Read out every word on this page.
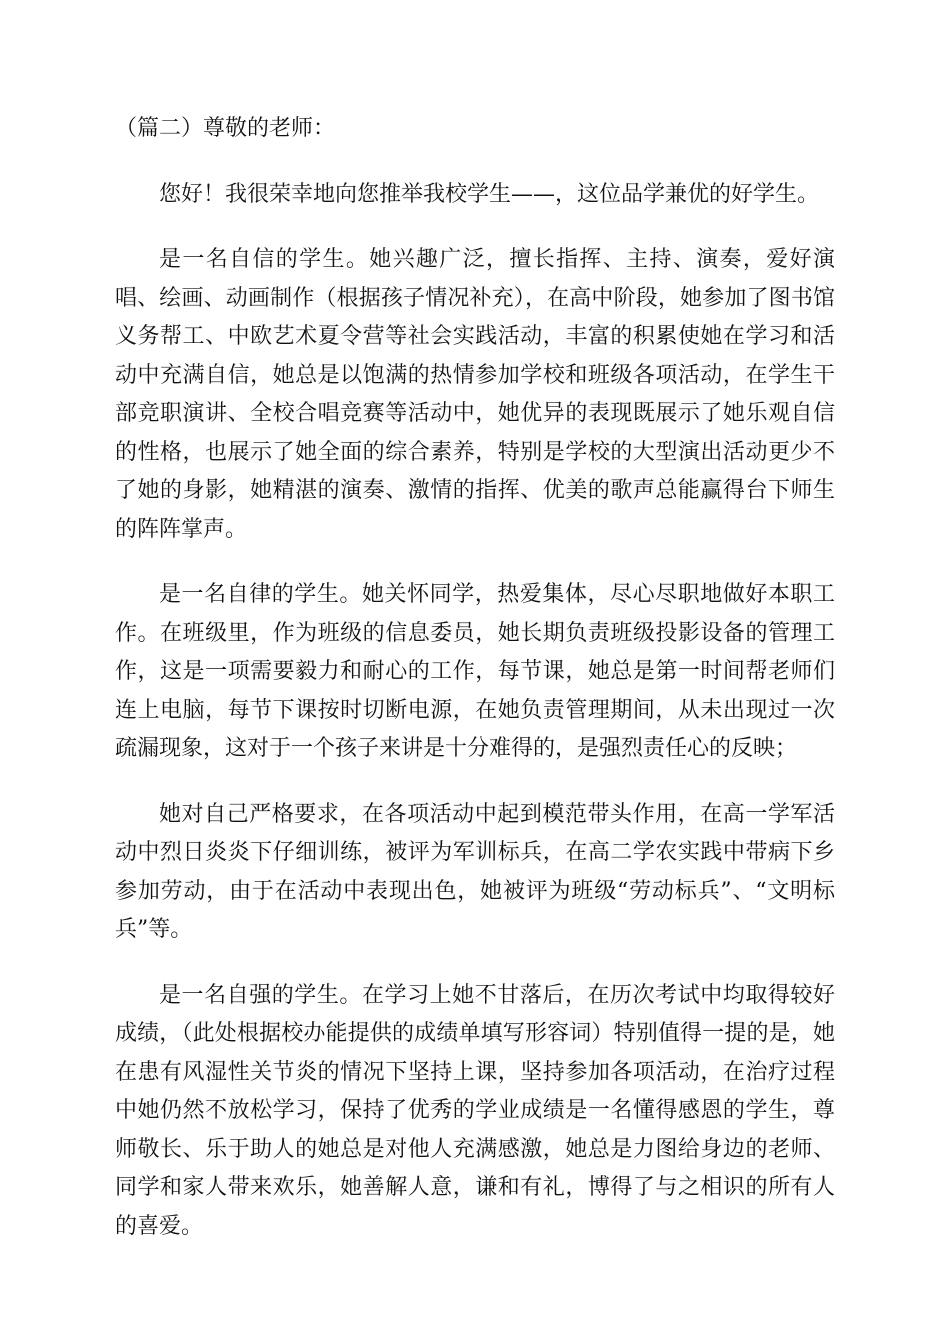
（篇二）尊敬的老师：

您好！我很荣幸地向您推举我校学生——，这位品学兼优的好学生。

是一名自信的学生。她兴趣广泛，擅长指挥、主持、演奏，爱好演唱、绘画、动画制作（根据孩子情况补充），在高中阶段，她参加了图书馆义务帮工、中欧艺术夏令营等社会实践活动，丰富的积累使她在学习和活动中充满自信，她总是以饱满的热情参加学校和班级各项活动，在学生干部竞职演讲、全校合唱竞赛等活动中，她优异的表现既展示了她乐观自信的性格，也展示了她全面的综合素养，特别是学校的大型演出活动更少不了她的身影，她精湛的演奏、激情的指挥、优美的歌声总能赢得台下师生的阵阵掌声。

是一名自律的学生。她关怀同学，热爱集体，尽心尽职地做好本职工作。在班级里，作为班级的信息委员，她长期负责班级投影设备的管理工作，这是一项需要毅力和耐心的工作，每节课，她总是第一时间帮老师们连上电脑，每节下课按时切断电源，在她负责管理期间，从未出现过一次疏漏现象，这对于一个孩子来讲是十分难得的，是强烈责任心的反映；

她对自己严格要求，在各项活动中起到模范带头作用，在高一学军活动中烈日炎炎下仔细训练，被评为军训标兵，在高二学农实践中带病下乡参加劳动，由于在活动中表现出色，她被评为班级“劳动标兵”、“文明标兵”等。

是一名自强的学生。在学习上她不甘落后，在历次考试中均取得较好成绩，（此处根据校办能提供的成绩单填写形容词）特别值得一提的是，她在患有风湿性关节炎的情况下坚持上课，坚持参加各项活动，在治疗过程中她仍然不放松学习，保持了优秀的学业成绩是一名懂得感恩的学生，尊师敬长、乐于助人的她总是对他人充满感激，她总是力图给身边的老师、同学和家人带来欢乐，她善解人意，谦和有礼，博得了与之相识的所有人的喜爱。
